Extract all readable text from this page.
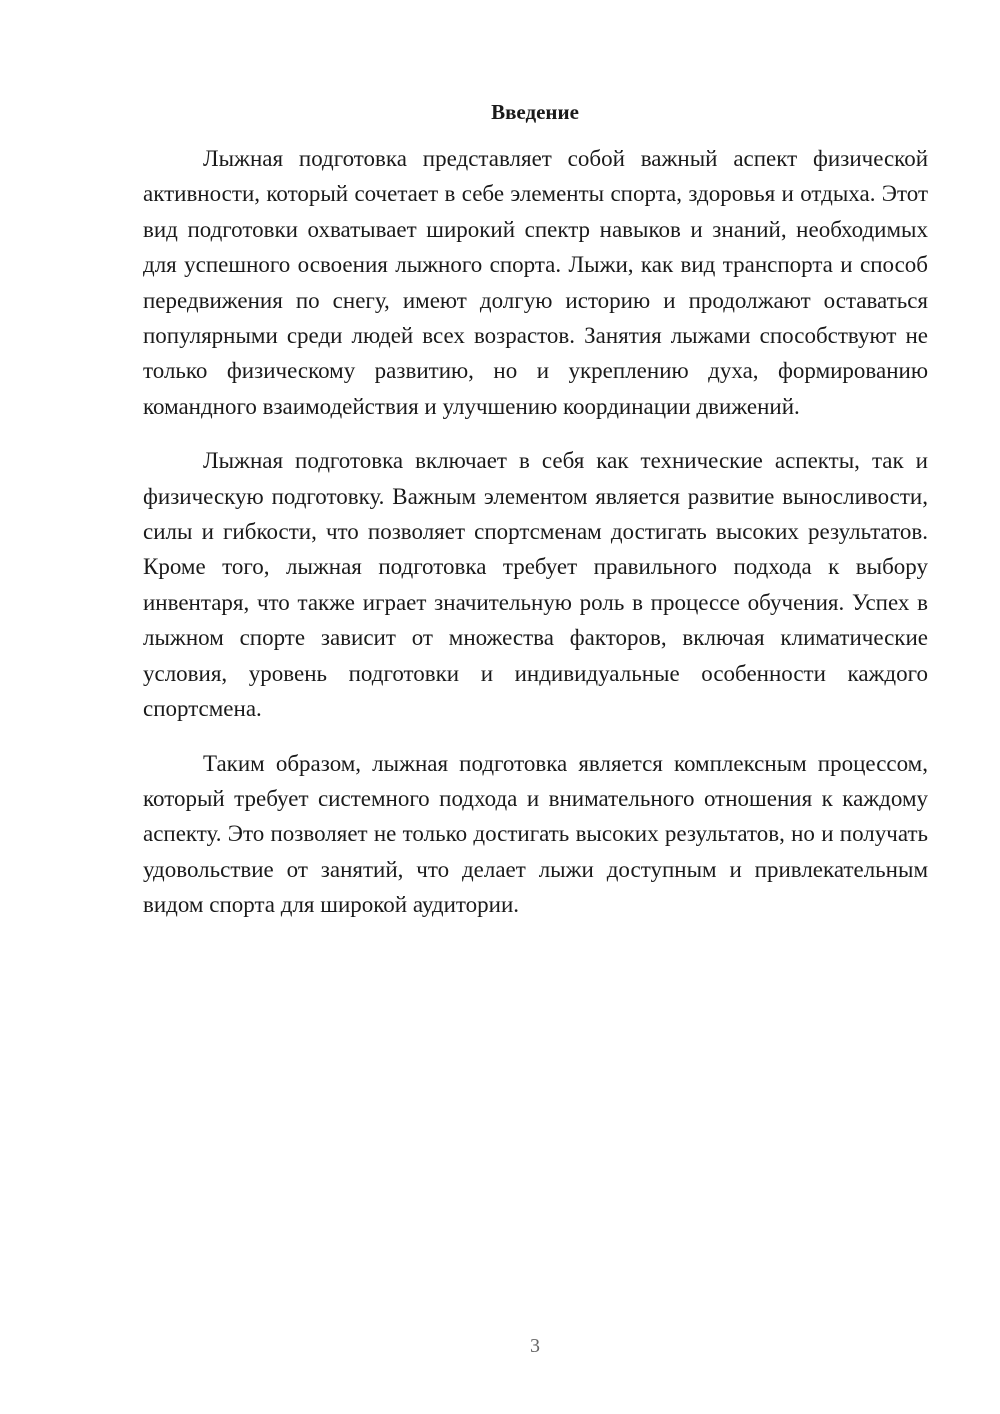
Введение

Лыжная подготовка представляет собой важный аспект физической активности, который сочетает в себе элементы спорта, здоровья и отдыха. Этот вид подготовки охватывает широкий спектр навыков и знаний, необходимых для успешного освоения лыжного спорта. Лыжи, как вид транспорта и способ передвижения по снегу, имеют долгую историю и продолжают оставаться популярными среди людей всех возрастов. Занятия лыжами способствуют не только физическому развитию, но и укреплению духа, формированию командного взаимодействия и улучшению координации движений.

Лыжная подготовка включает в себя как технические аспекты, так и физическую подготовку. Важным элементом является развитие выносливости, силы и гибкости, что позволяет спортсменам достигать высоких результатов. Кроме того, лыжная подготовка требует правильного подхода к выбору инвентаря, что также играет значительную роль в процессе обучения. Успех в лыжном спорте зависит от множества факторов, включая климатические условия, уровень подготовки и индивидуальные особенности каждого спортсмена.

Таким образом, лыжная подготовка является комплексным процессом, который требует системного подхода и внимательного отношения к каждому аспекту. Это позволяет не только достигать высоких результатов, но и получать удовольствие от занятий, что делает лыжи доступным и привлекательным видом спорта для широкой аудитории.

3
